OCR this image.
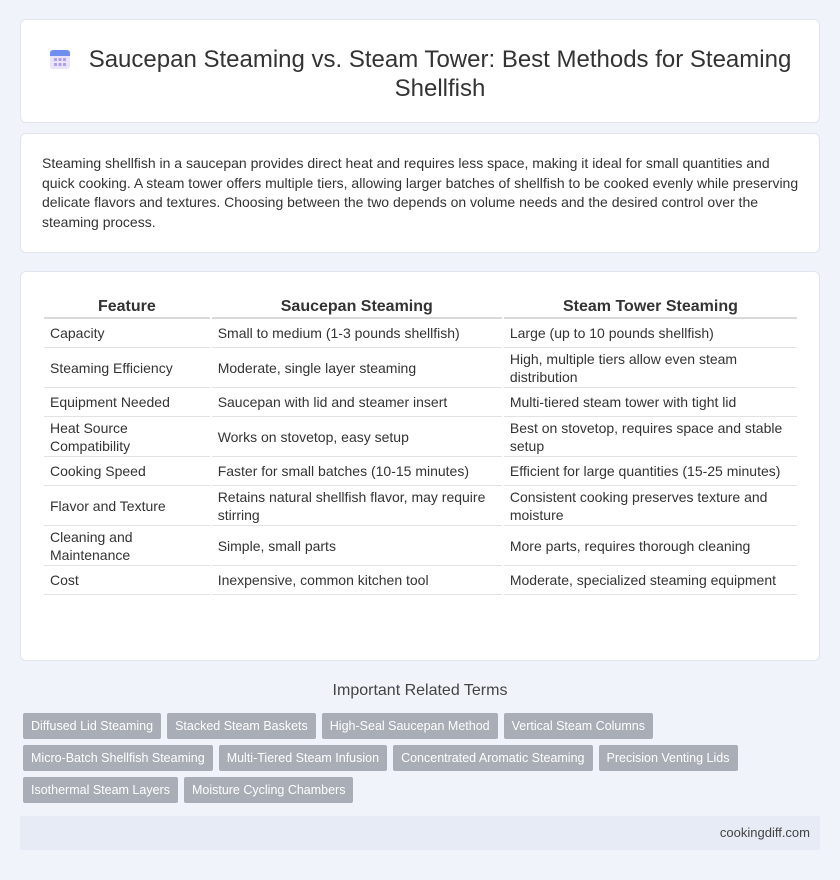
Saucepan Steaming vs. Steam Tower: Best Methods for Steaming Shellfish

Steaming shellfish in a saucepan provides direct heat and requires less space, making it ideal for small quantities and quick cooking. A steam tower offers multiple tiers, allowing larger batches of shellfish to be cooked evenly while preserving delicate flavors and textures. Choosing between the two depends on volume needs and the desired control over the steaming process.

Feature	Saucepan Steaming	Steam Tower Steaming
Capacity	Small to medium (1-3 pounds shellfish)	Large (up to 10 pounds shellfish)
Steaming Efficiency	Moderate, single layer steaming	High, multiple tiers allow even steam distribution
Equipment Needed	Saucepan with lid and steamer insert	Multi-tiered steam tower with tight lid
Heat Source Compatibility	Works on stovetop, easy setup	Best on stovetop, requires space and stable setup
Cooking Speed	Faster for small batches (10-15 minutes)	Efficient for large quantities (15-25 minutes)
Flavor and Texture	Retains natural shellfish flavor, may require stirring	Consistent cooking preserves texture and moisture
Cleaning and Maintenance	Simple, small parts	More parts, requires thorough cleaning
Cost	Inexpensive, common kitchen tool	Moderate, specialized steaming equipment
Important Related Terms
Diffused Lid Steaming	Stacked Steam Baskets	High-Seal Saucepan Method	Vertical Steam Columns
Micro-Batch Shellfish Steaming	Multi-Tiered Steam Infusion	Concentrated Aromatic Steaming	Precision Venting Lids
Isothermal Steam Layers	Moisture Cycling Chambers
cookingdiff.com
